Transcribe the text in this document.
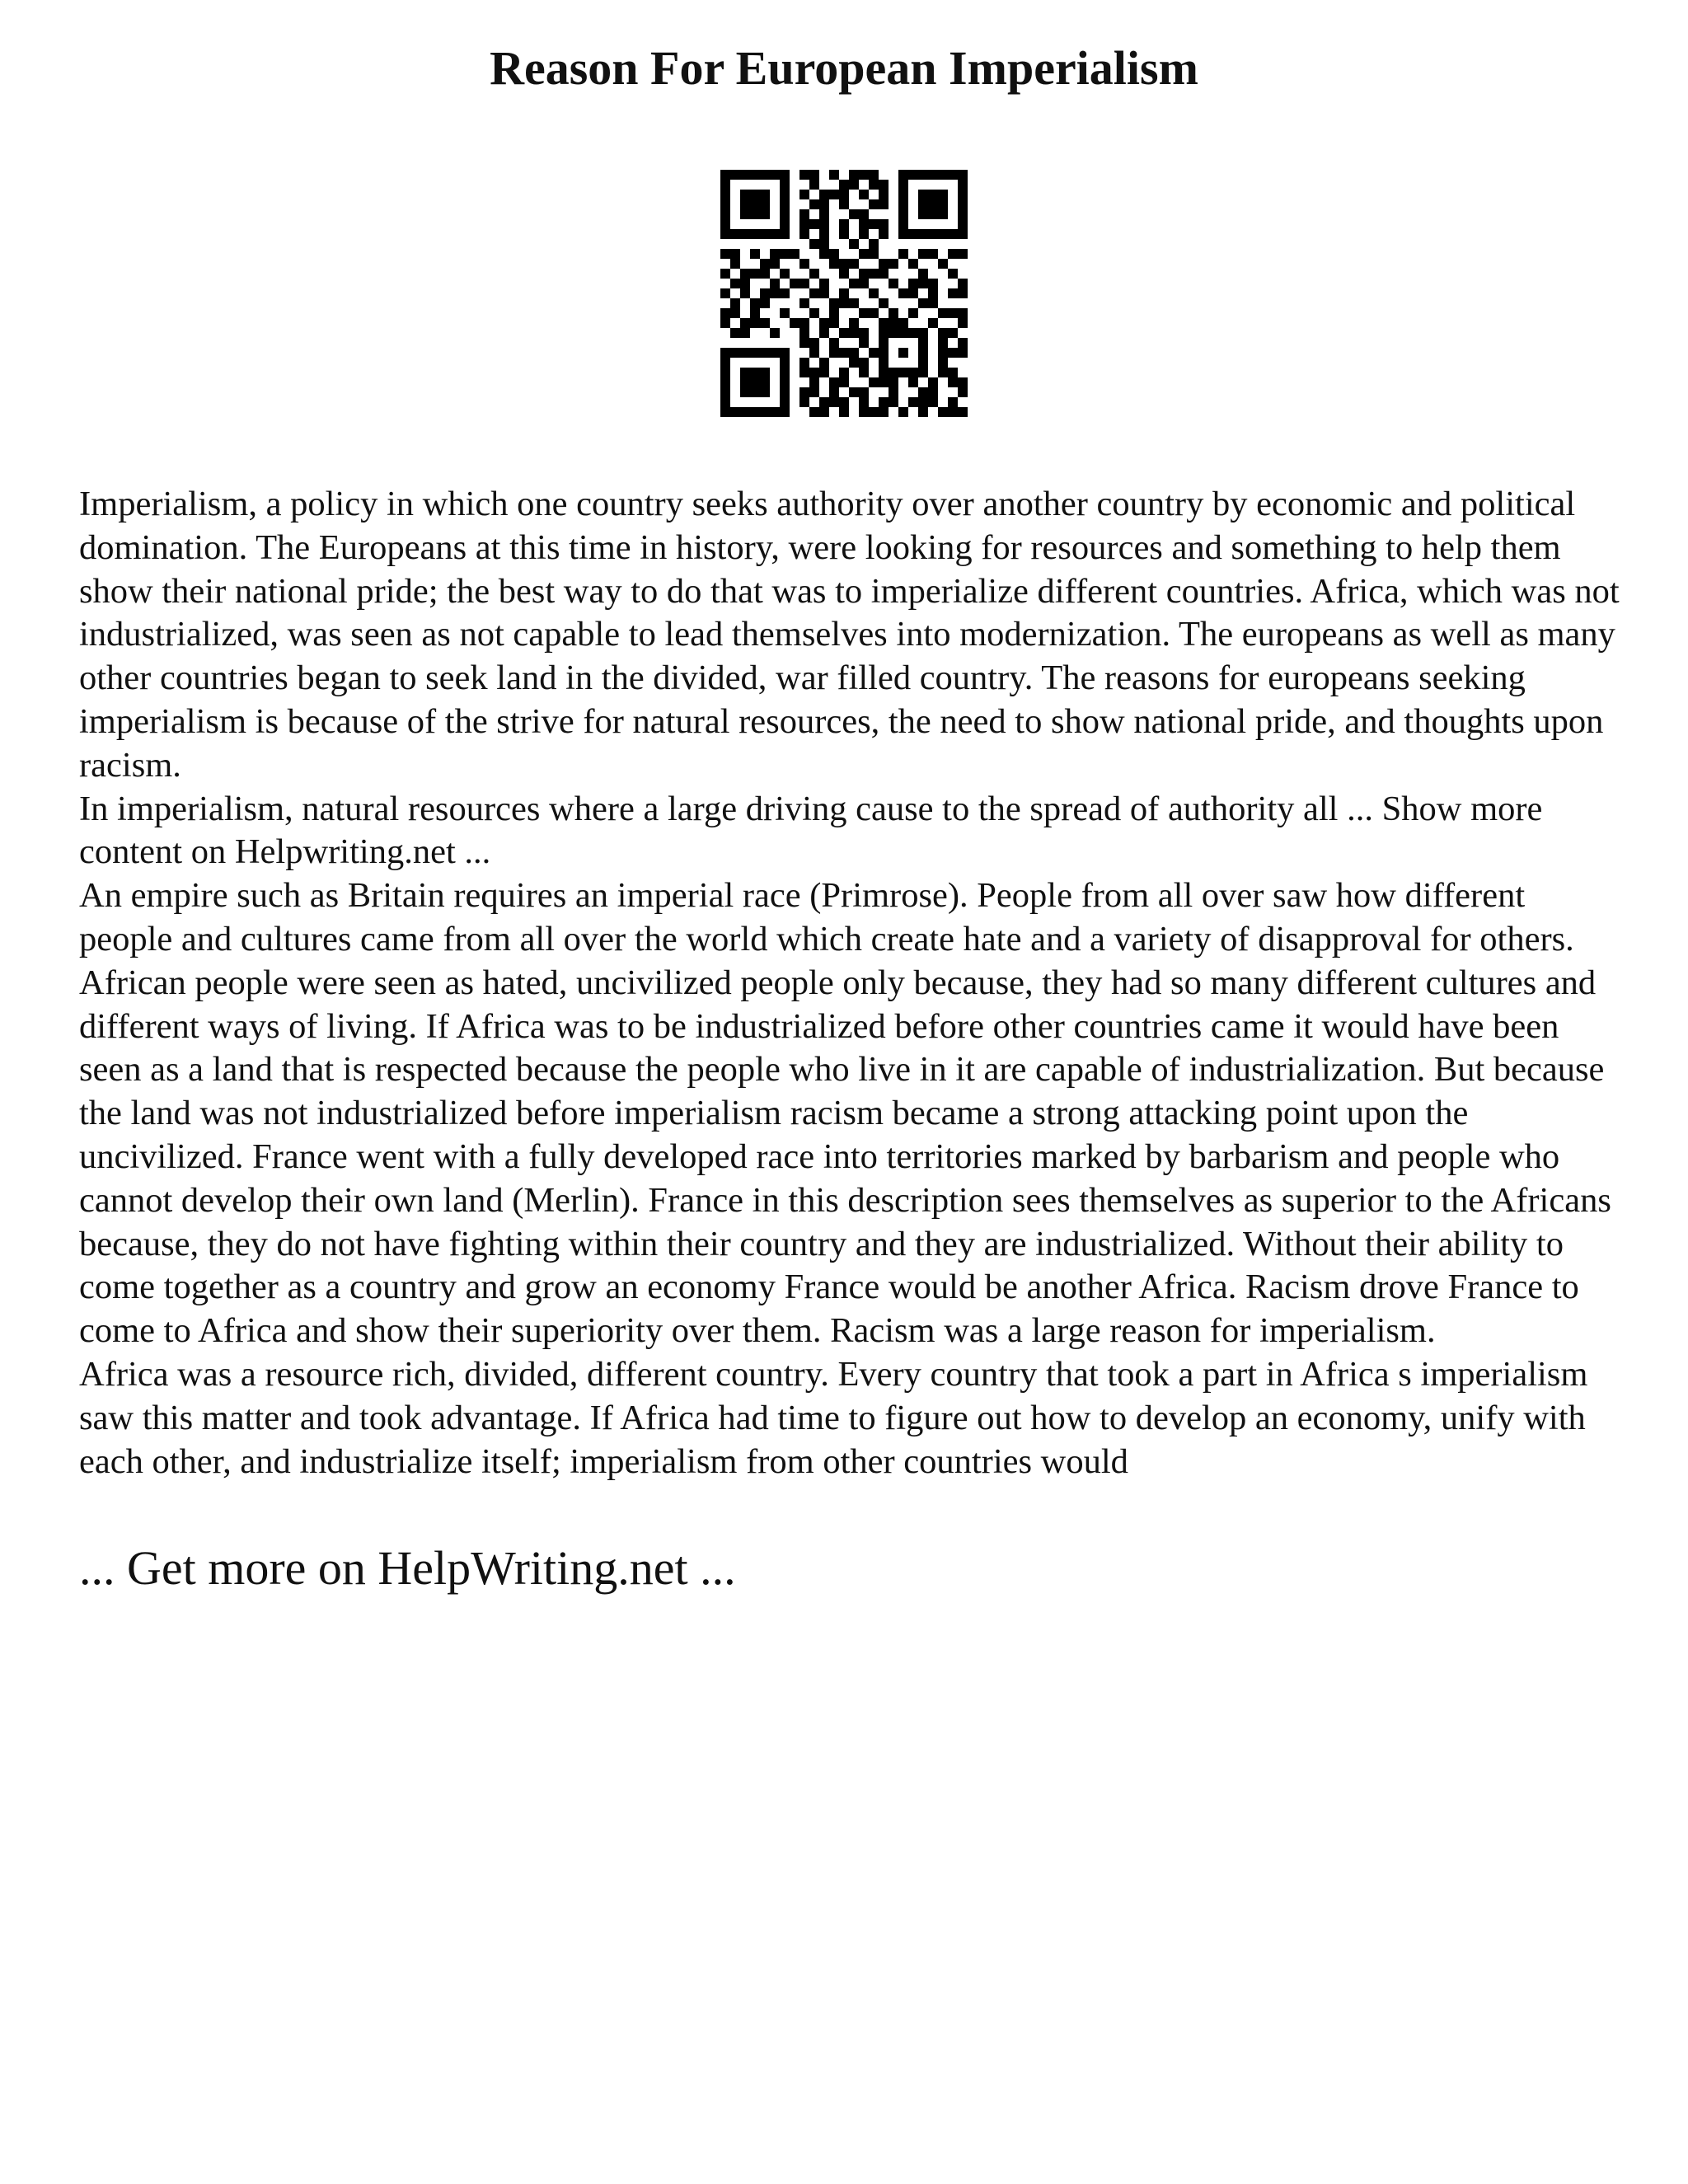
Reason For European Imperialism

Imperialism, a policy in which one country seeks authority over another country by economic and political domination. The Europeans at this time in history, were looking for resources and something to help them show their national pride; the best way to do that was to imperialize different countries. Africa, which was not industrialized, was seen as not capable to lead themselves into modernization. The europeans as well as many other countries began to seek land in the divided, war filled country. The reasons for europeans seeking imperialism is because of the strive for natural resources, the need to show national pride, and thoughts upon racism.

In imperialism, natural resources where a large driving cause to the spread of authority all ... Show more content on Helpwriting.net ...

An empire such as Britain requires an imperial race (Primrose). People from all over saw how different people and cultures came from all over the world which create hate and a variety of disapproval for others. African people were seen as hated, uncivilized people only because, they had so many different cultures and different ways of living. If Africa was to be industrialized before other countries came it would have been seen as a land that is respected because the people who live in it are capable of industrialization. But because the land was not industrialized before imperialism racism became a strong attacking point upon the uncivilized. France went with a fully developed race into territories marked by barbarism and people who cannot develop their own land (Merlin). France in this description sees themselves as superior to the Africans because, they do not have fighting within their country and they are industrialized. Without their ability to come together as a country and grow an economy France would be another Africa. Racism drove France to come to Africa and show their superiority over them. Racism was a large reason for imperialism.

Africa was a resource rich, divided, different country. Every country that took a part in Africa s imperialism saw this matter and took advantage. If Africa had time to figure out how to develop an economy, unify with each other, and industrialize itself; imperialism from other countries would

... Get more on HelpWriting.net ...
